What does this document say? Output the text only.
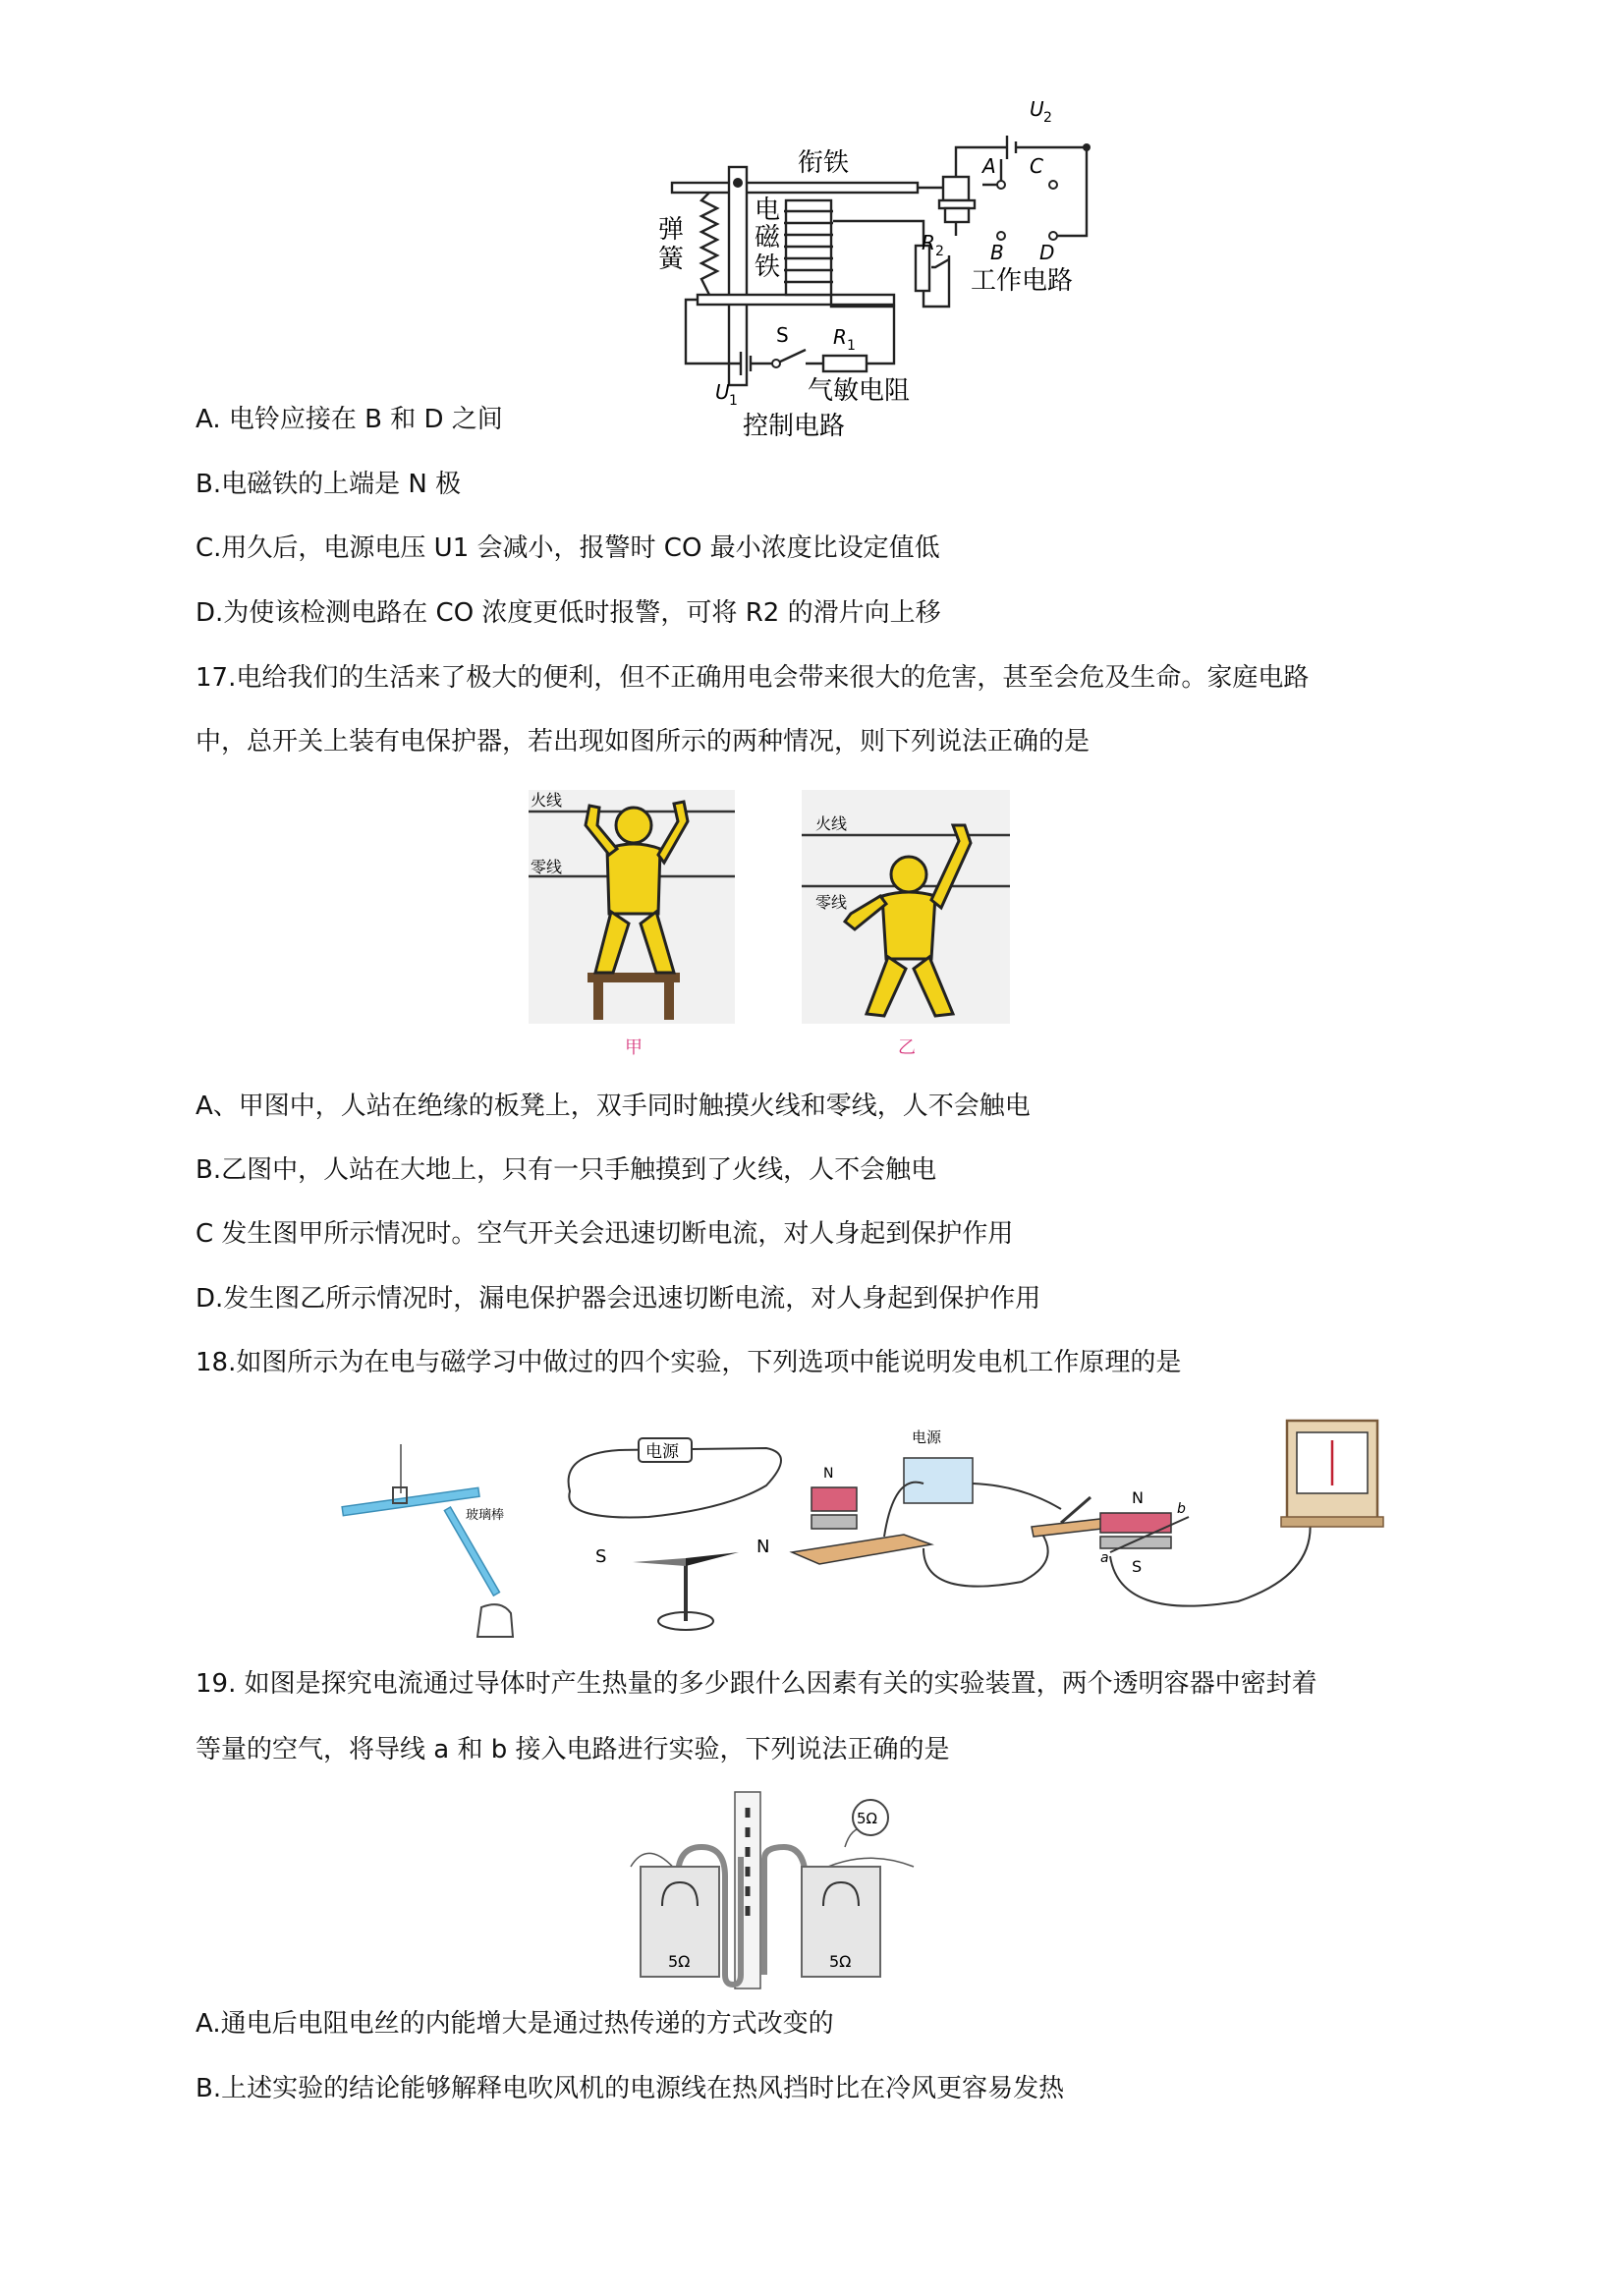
衔铁
弹
簧
电
磁
铁
U 2
A C
B D
R 2
工作电路
S R 1
U 1	气敏电阻
控制电路
A. 电铃应接在 B 和 D 之间
B.电磁铁的上端是 N 极
C.用久后，电源电压 U1 会减小，报警时 CO 最小浓度比设定值低
D.为使该检测电路在 CO 浓度更低时报警，可将 R2 的滑片向上移
17.电给我们的生活来了极大的便利，但不正确用电会带来很大的危害，甚至会危及生命。家庭电路
中，总开关上装有电保护器，若出现如图所示的两种情况，则下列说法正确的是
火线
零线
火线
零线
甲	乙
A、甲图中，人站在绝缘的板凳上，双手同时触摸火线和零线，人不会触电
B.乙图中，人站在大地上，只有一只手触摸到了火线，人不会触电
C 发生图甲所示情况时。空气开关会迅速切断电流，对人身起到保护作用
D.发生图乙所示情况时，漏电保护器会迅速切断电流，对人身起到保护作用
18.如图所示为在电与磁学习中做过的四个实验，下列选项中能说明发电机工作原理的是
玻璃棒
电源
S	N
电源
N
N
S
a
b
19. 如图是探究电流通过导体时产生热量的多少跟什么因素有关的实验装置，两个透明容器中密封着
等量的空气，将导线 a 和 b 接入电路进行实验，下列说法正确的是
5Ω	5Ω
5Ω
A.通电后电阻电丝的内能增大是通过热传递的方式改变的
B.上述实验的结论能够解释电吹风机的电源线在热风挡时比在冷风更容易发热
